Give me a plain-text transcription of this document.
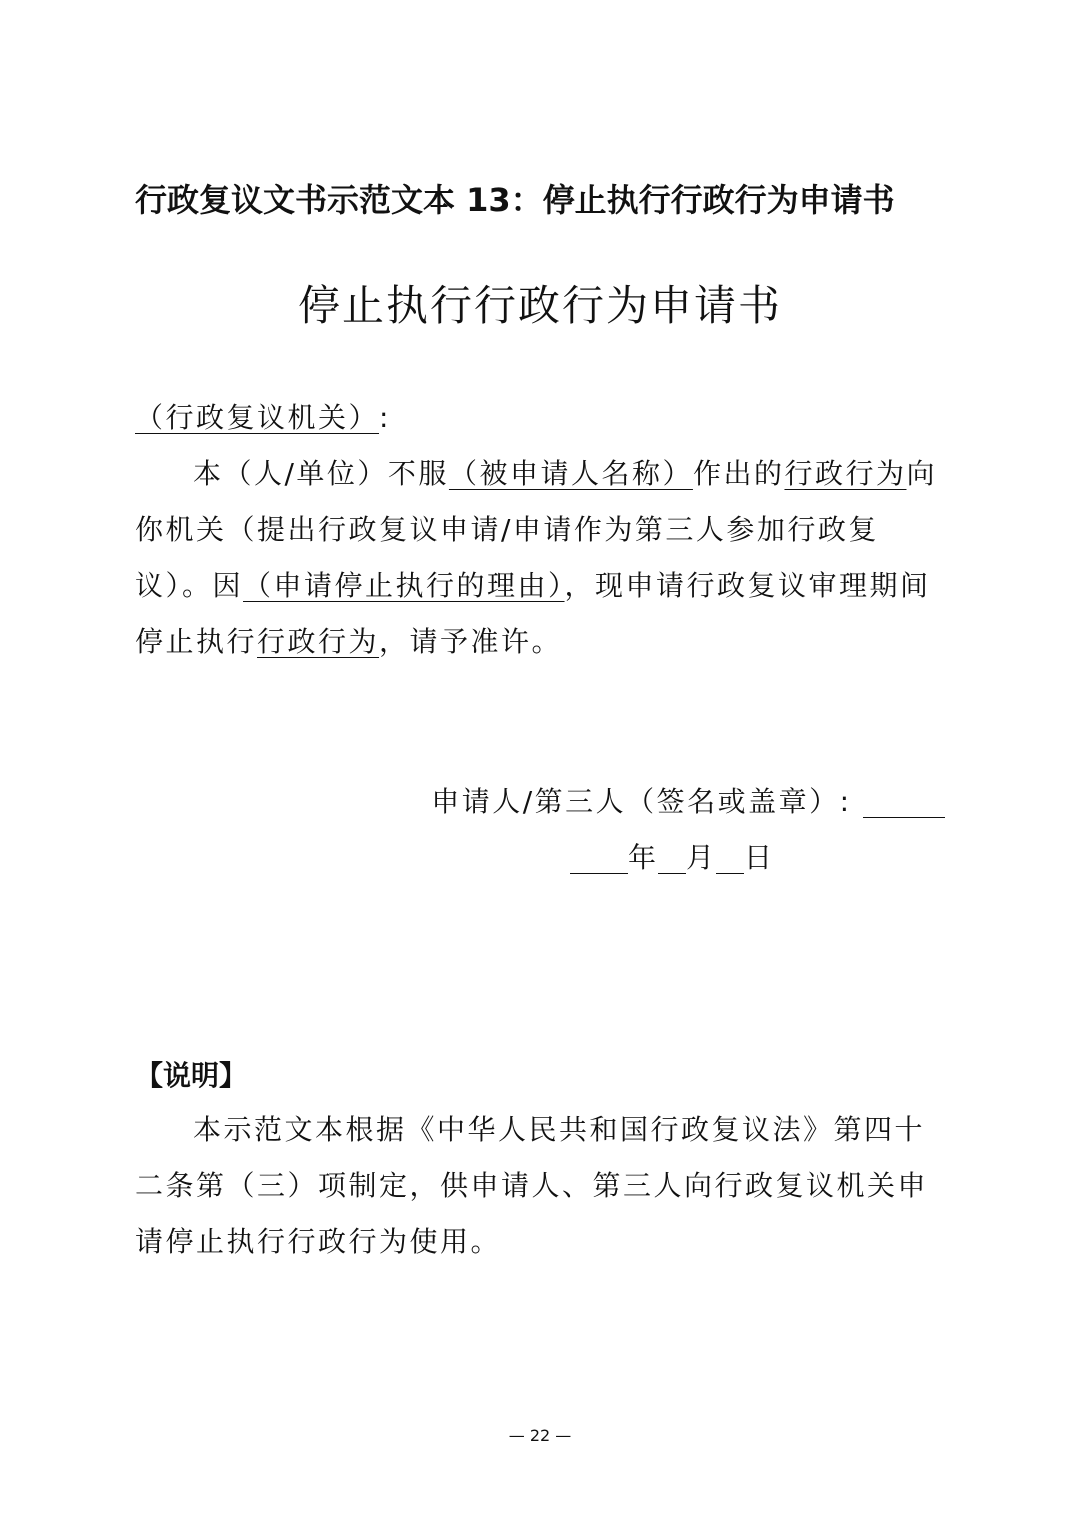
行政复议文书示范文本 13：停止执行行政行为申请书
停止执行行政行为申请书
（行政复议机关）:
本（人/单位）不服（被申请人名称）作出的行政行为向你机关（提出行政复议申请/申请作为第三人参加行政复议）。因（申请停止执行的理由），现申请行政复议审理期间停止执行行政行为，请予准许。
申请人/第三人（签名或盖章）:
年 月 日
【说明】
本示范文本根据《中华人民共和国行政复议法》第四十二条第（三）项制定，供申请人、第三人向行政复议机关申请停止执行行政行为使用。
— 22 —
